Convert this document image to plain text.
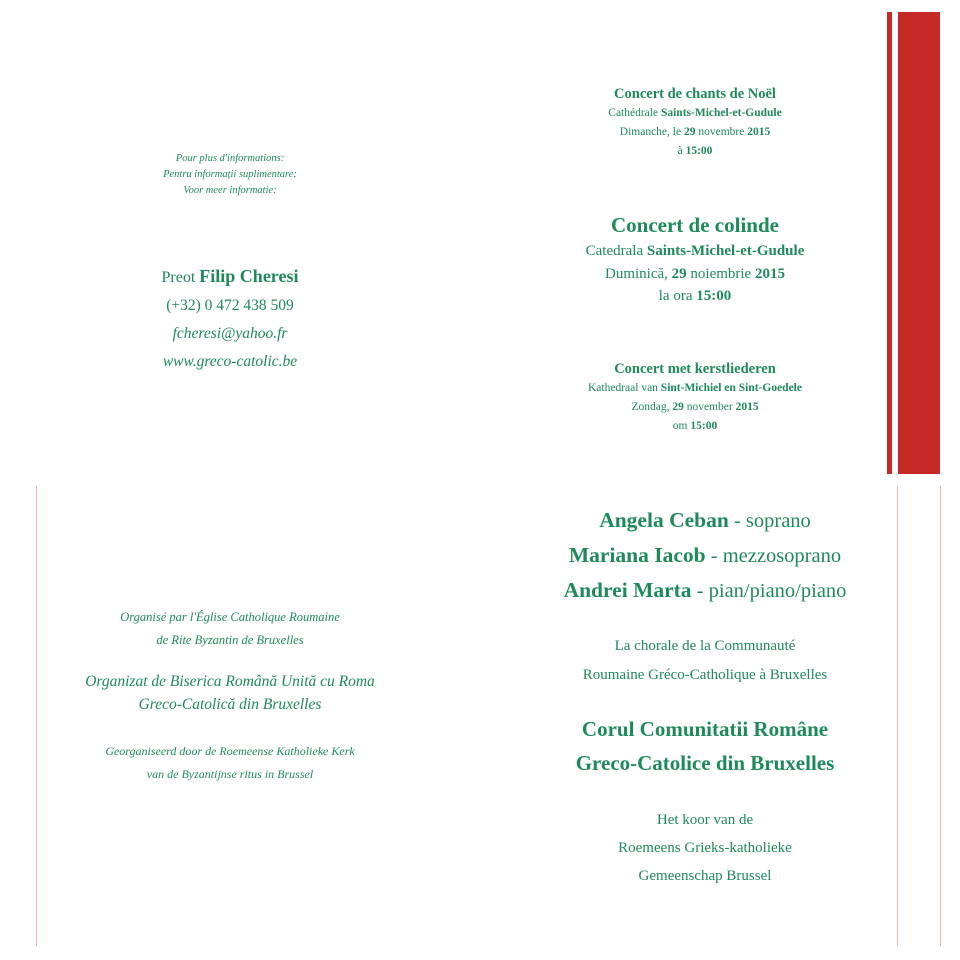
Pour plus d'informations:
Pentru informații suplimentare:
Voor meer informatie:
Preot Filip Cheresi
(+32) 0 472 438 509
fcheresi@yahoo.fr
www.greco-catolic.be
Concert de chants de Noël
Cathédrale Saints-Michel-et-Gudule
Dimanche, le 29 novembre 2015
à 15:00
Concert de colinde
Catedrala Saints-Michel-et-Gudule
Duminică, 29 noiembrie 2015
la ora 15:00
Concert met kerstliederen
Kathedraal van Sint-Michiel en Sint-Goedele
Zondag, 29 november 2015
om 15:00
Organisé par l'Église Catholique Roumaine
de Rite Byzantin de Bruxelles
Organizat de Biserica Română Unită cu Roma
Greco-Catolică din Bruxelles
Georganiseerd door de Roemeense Katholieke Kerk
van de Byzantijnse ritus in Brussel
Angela Ceban - soprano
Mariana Iacob - mezzosoprano
Andrei Marta - pian/piano/piano
La chorale de la Communauté
Roumaine Gréco-Catholique à Bruxelles
Corul Comunitatii Române
Greco-Catolice din Bruxelles
Het koor van de
Roemeens Grieks-katholieke
Gemeenschap Brussel
